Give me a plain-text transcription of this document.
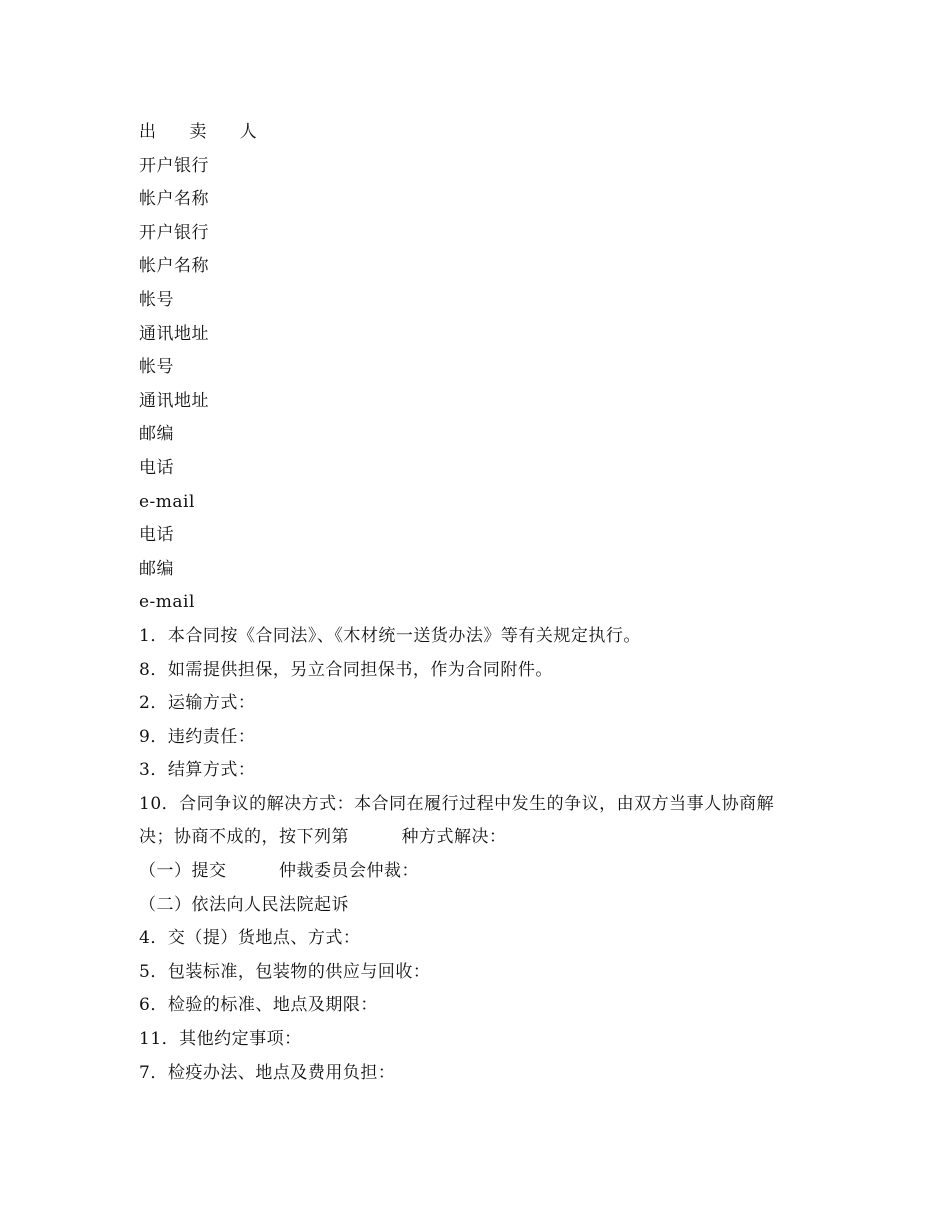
出 卖 人
开户银行
帐户名称
开户银行
帐户名称
帐号
通讯地址
帐号
通讯地址
邮编
电话
e-mail
电话
邮编
e-mail
1．本合同按《合同法》、《木材统一送货办法》等有关规定执行。
8．如需提供担保，另立合同担保书，作为合同附件。
2．运输方式：
9．违约责任：
3．结算方式：
10．合同争议的解决方式：本合同在履行过程中发生的争议，由双方当事人协商解
决；协商不成的，按下列第　　　种方式解决：
（一）提交　　　仲裁委员会仲裁：
（二）依法向人民法院起诉
4．交（提）货地点、方式：
5．包装标准，包装物的供应与回收：
6．检验的标准、地点及期限：
11．其他约定事项：
7．检疫办法、地点及费用负担：
